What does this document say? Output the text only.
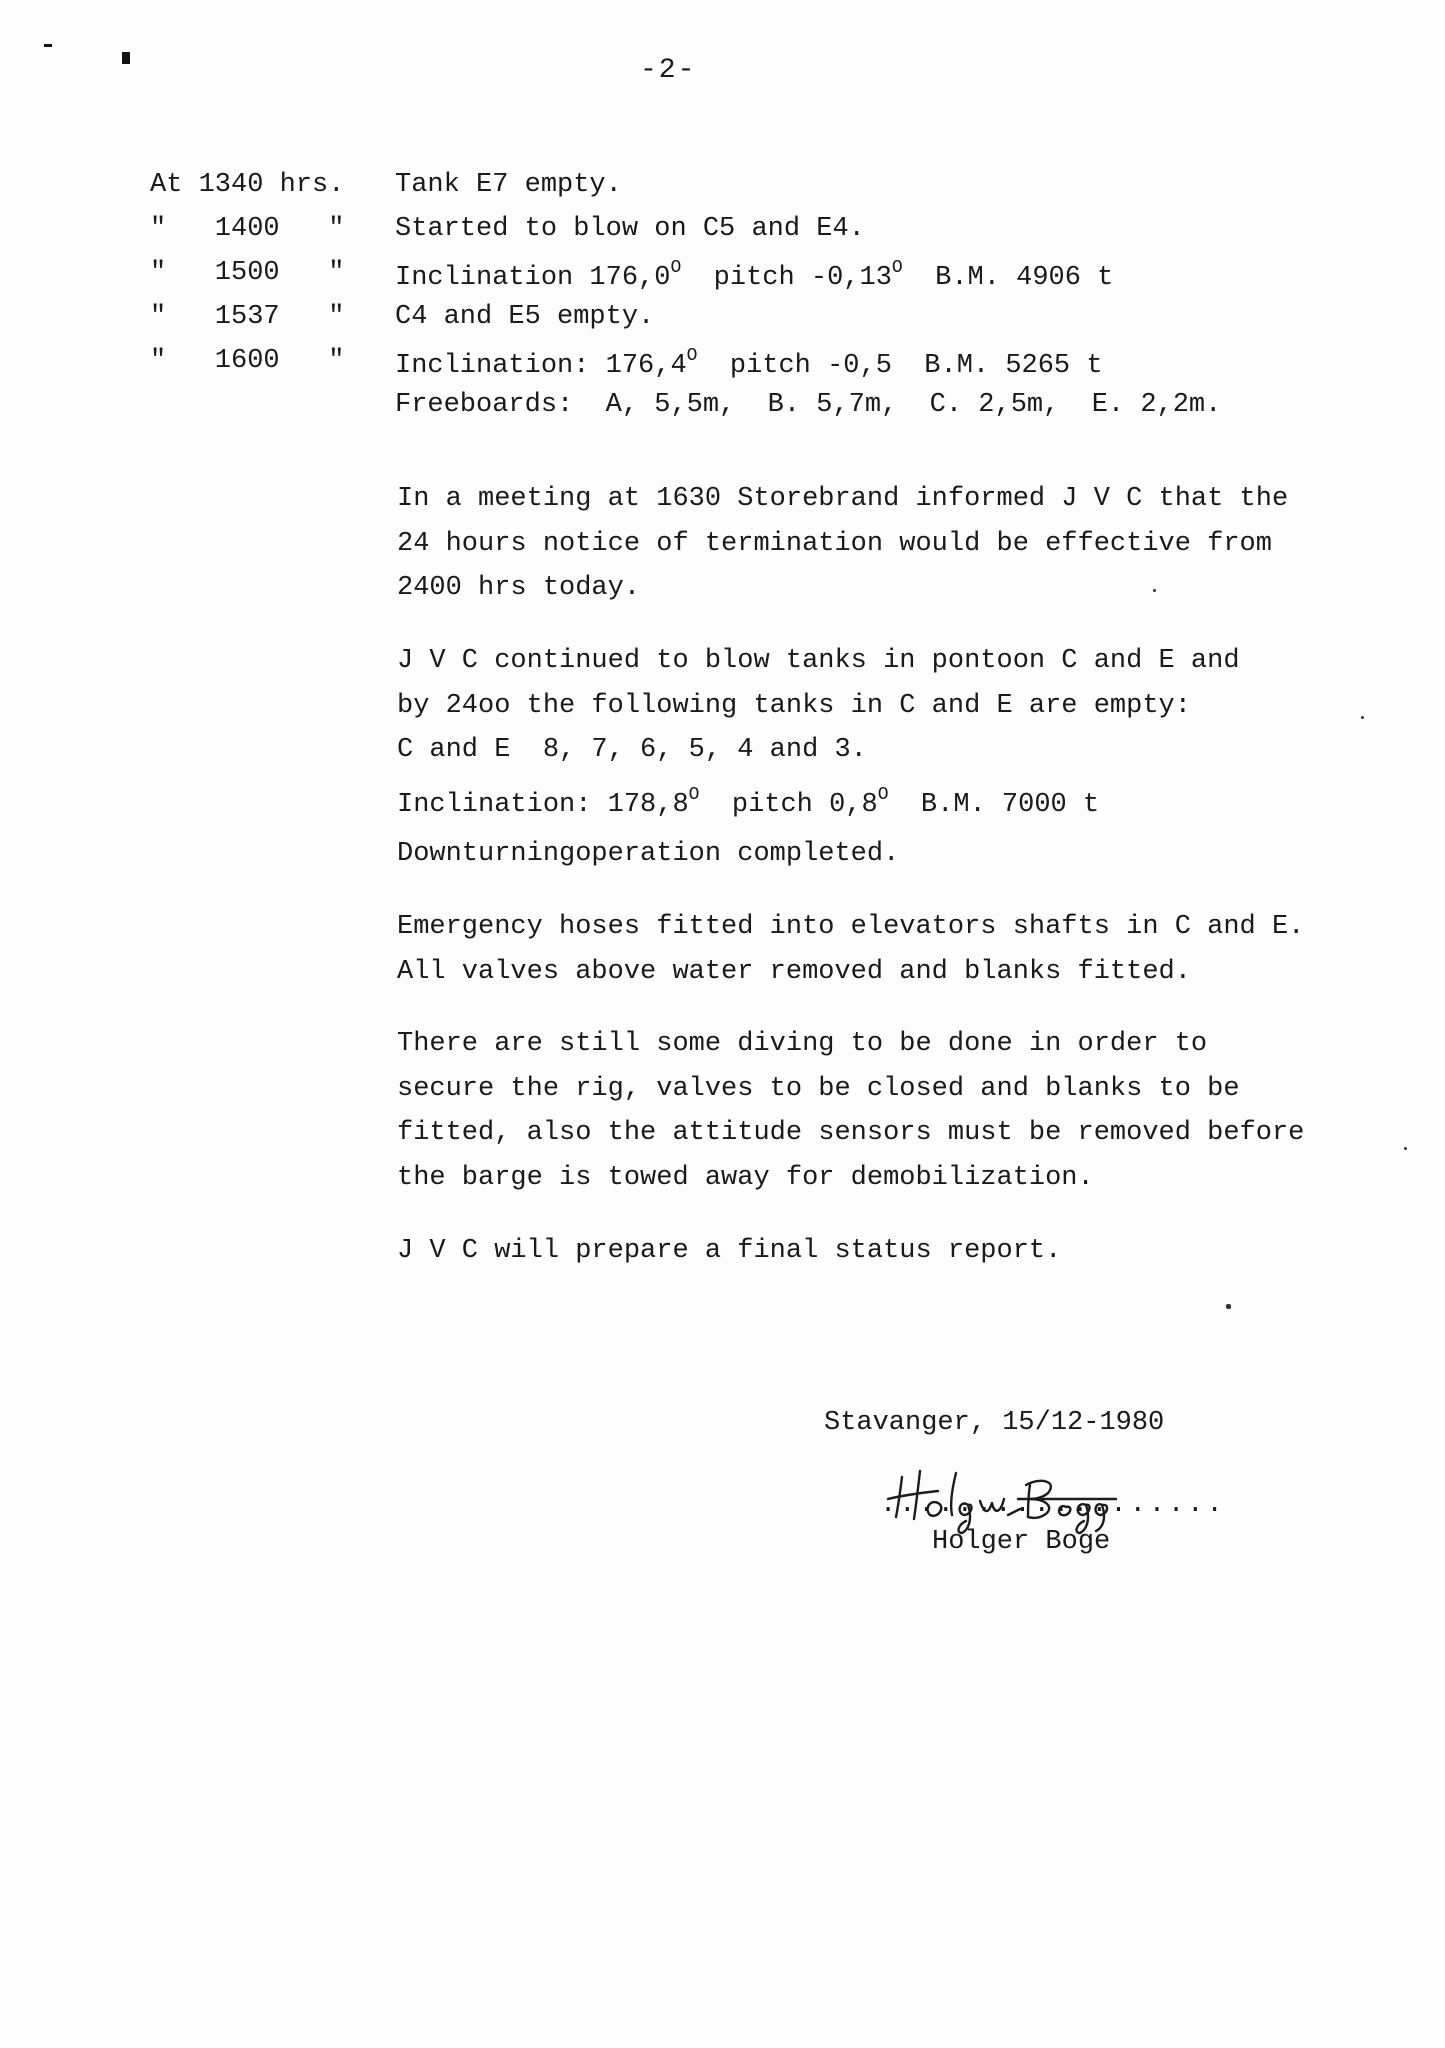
-2-
At 1340 hrs.	Tank E7 empty.
"   1400   "	Started to blow on C5 and E4.
"   1500   "	Inclination $176,0^O$  pitch $-0,13^O$  B.M. 4906 t
"   1537   "	C4 and E5 empty.
"   1600   "	Inclination: $176,4^O$  pitch -0,5  B.M. 5265 t
Freeboards:  A, 5,5m,  B. 5,7m,  C. 2,5m,  E. 2,2m.
In a meeting at 1630 Storebrand informed J V C that the
24 hours notice of termination would be effective from
2400 hrs today.
J V C continued to blow tanks in pontoon C and E and
by 24oo the following tanks in C and E are empty:
C and E  8, 7, 6, 5, 4 and 3.
Inclination: $178,8^O$  pitch $0,8^O$  B.M. 7000 t
Downturningoperation completed.
Emergency hoses fitted into elevators shafts in C and E.
All valves above water removed and blanks fitted.
There are still some diving to be done in order to
secure the rig, valves to be closed and blanks to be
fitted, also the attitude sensors must be removed before
the barge is towed away for demobilization.
J V C will prepare a final status report.
Stavanger, 15/12-1980
..................
Holger Boge
